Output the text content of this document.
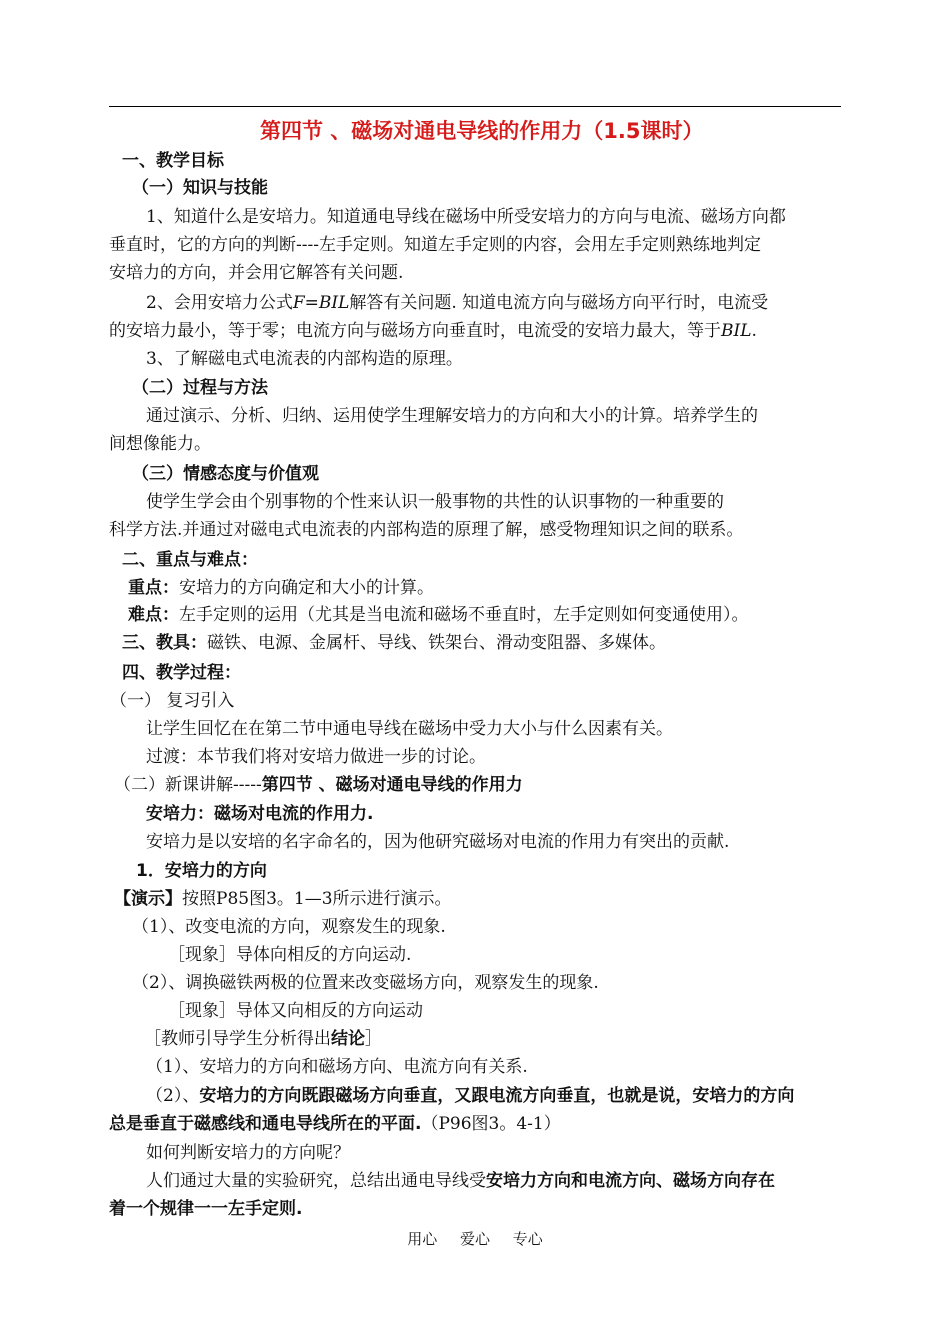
第四节 、磁场对通电导线的作用力（1.5课时）
一、教学目标
（一）知识与技能
1、知道什么是安培力。知道通电导线在磁场中所受安培力的方向与电流、磁场方向都
垂直时，它的方向的判断----左手定则。知道左手定则的内容，会用左手定则熟练地判定
安培力的方向，并会用它解答有关问题.
2、会用安培力公式F=BIL解答有关问题. 知道电流方向与磁场方向平行时，电流受
的安培力最小，等于零；电流方向与磁场方向垂直时，电流受的安培力最大，等于BIL.
3、了解磁电式电流表的内部构造的原理。
（二）过程与方法
通过演示、分析、归纳、运用使学生理解安培力的方向和大小的计算。培养学生的
间想像能力。
（三）情感态度与价值观
使学生学会由个别事物的个性来认识一般事物的共性的认识事物的一种重要的
科学方法.并通过对磁电式电流表的内部构造的原理了解，感受物理知识之间的联系。
二、重点与难点：
重点：安培力的方向确定和大小的计算。
难点：左手定则的运用（尤其是当电流和磁场不垂直时，左手定则如何变通使用）。
三、教具：磁铁、电源、金属杆、导线、铁架台、滑动变阻器、多媒体。
四、教学过程：
（一） 复习引入
让学生回忆在在第二节中通电导线在磁场中受力大小与什么因素有关。
过渡：本节我们将对安培力做进一步的讨论。
（二）新课讲解-----第四节 、磁场对通电导线的作用力
安培力：磁场对电流的作用力.
安培力是以安培的名字命名的，因为他研究磁场对电流的作用力有突出的贡献.
1．安培力的方向
【演示】按照P85图3。1—3所示进行演示。
（1）、改变电流的方向，观察发生的现象.
［现象］导体向相反的方向运动.
（2）、调换磁铁两极的位置来改变磁场方向，观察发生的现象.
［现象］导体又向相反的方向运动
［教师引导学生分析得出结论］
（1）、安培力的方向和磁场方向、电流方向有关系.
（2）、安培力的方向既跟磁场方向垂直，又跟电流方向垂直，也就是说，安培力的方向
总是垂直于磁感线和通电导线所在的平面.（P96图3。4-1）
如何判断安培力的方向呢？
人们通过大量的实验研究，总结出通电导线受安培力方向和电流方向、磁场方向存在
着一个规律一一左手定则.
用心 爱心 专心
